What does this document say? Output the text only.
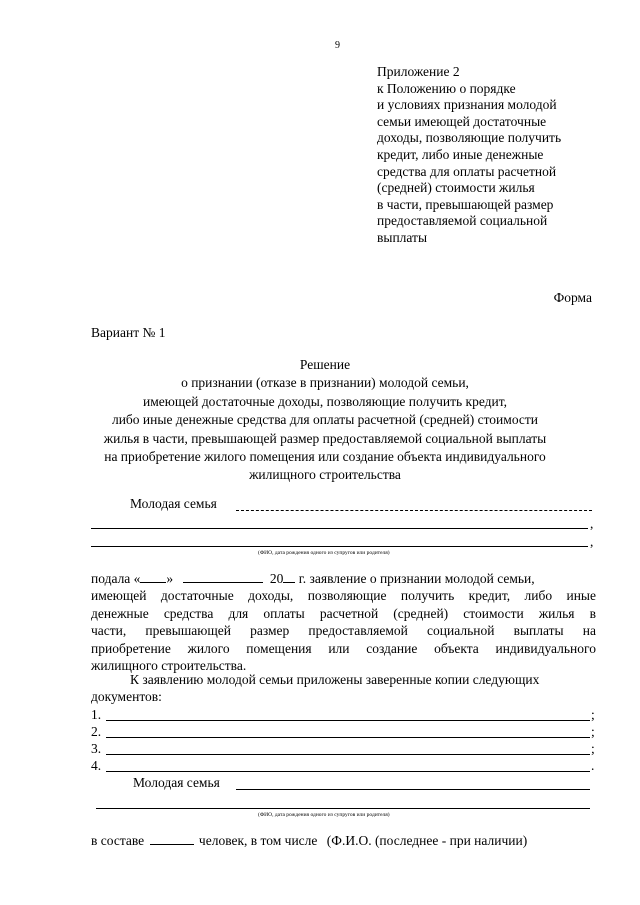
9
Приложение 2
к Положению о порядке
и условиях признания молодой
семьи имеющей достаточные
доходы, позволяющие получить
кредит, либо иные денежные
средства для оплаты расчетной
(средней) стоимости жилья
в части, превышающей размер
предоставляемой социальной
выплаты
Форма
Вариант № 1
Решение
о признании (отказе в признании) молодой семьи,
имеющей достаточные доходы, позволяющие получить кредит,
либо иные денежные средства для оплаты расчетной (средней) стоимости
жилья в части, превышающей размер предоставляемой социальной выплаты
на приобретение жилого помещения или создание объекта индивидуального
жилищного строительства
Молодая семья
,
,
(ФИО, дата рождения одного из супругов или родителя)
подала « »	20 г. заявление о признании молодой семьи,
имеющей достаточные доходы, позволяющие получить кредит, либо иные
денежные средства для оплаты расчетной (средней) стоимости жилья в
части, превышающей размер предоставляемой социальной выплаты на
приобретение жилого помещения или создание объекта индивидуального
жилищного строительства.
К заявлению молодой семьи приложены заверенные копии следующих
документов:
1.	;
2.	;
3.	;
4.	.
Молодая семья
(ФИО, дата рождения одного из супругов или родителя)
в составе	человек, в том числе (Ф.И.О. (последнее - при наличии)
